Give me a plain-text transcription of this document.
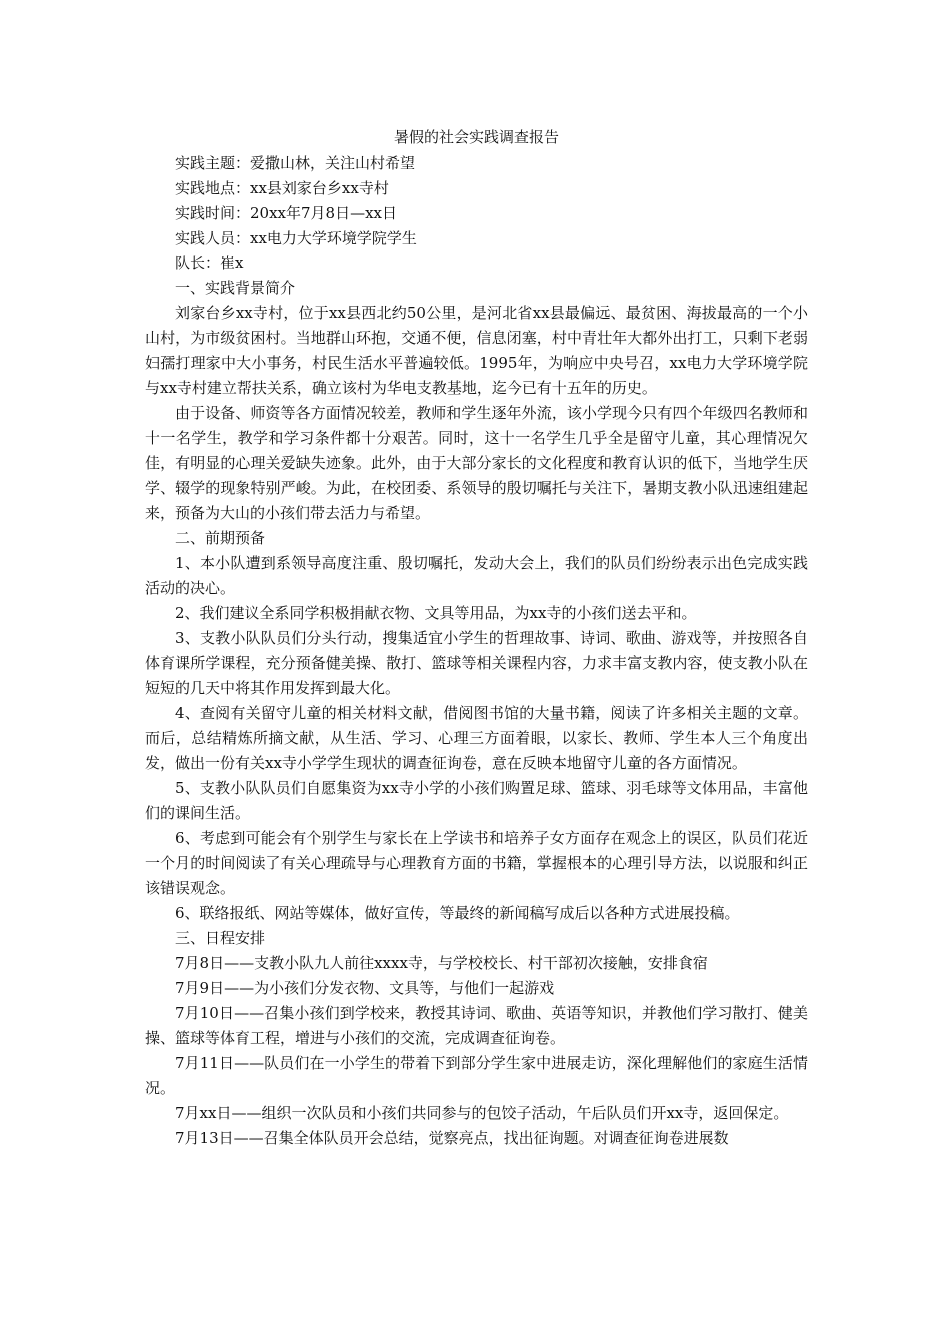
暑假的社会实践调查报告

实践主题：爱撒山林，关注山村希望

实践地点：xx县刘家台乡xx寺村

实践时间：20xx年7月8日—xx日

实践人员：xx电力大学环境学院学生

队长：崔x

一、实践背景简介

刘家台乡xx寺村，位于xx县西北约50公里，是河北省xx县最偏远、最贫困、海拔最高的一个小山村，为市级贫困村。当地群山环抱，交通不便，信息闭塞，村中青壮年大都外出打工，只剩下老弱妇孺打理家中大小事务，村民生活水平普遍较低。1995年，为响应中央号召，xx电力大学环境学院与xx寺村建立帮扶关系，确立该村为华电支教基地，迄今已有十五年的历史。

由于设备、师资等各方面情况较差，教师和学生逐年外流，该小学现今只有四个年级四名教师和十一名学生，教学和学习条件都十分艰苦。同时，这十一名学生几乎全是留守儿童，其心理情况欠佳，有明显的心理关爱缺失迹象。此外，由于大部分家长的文化程度和教育认识的低下，当地学生厌学、辍学的现象特别严峻。为此，在校团委、系领导的殷切嘱托与关注下，暑期支教小队迅速组建起来，预备为大山的小孩们带去活力与希望。

二、前期预备

1、本小队遭到系领导高度注重、殷切嘱托，发动大会上，我们的队员们纷纷表示出色完成实践活动的决心。

2、我们建议全系同学积极捐献衣物、文具等用品，为xx寺的小孩们送去平和。

3、支教小队队员们分头行动，搜集适宜小学生的哲理故事、诗词、歌曲、游戏等，并按照各自体育课所学课程，充分预备健美操、散打、篮球等相关课程内容，力求丰富支教内容，使支教小队在短短的几天中将其作用发挥到最大化。

4、查阅有关留守儿童的相关材料文献，借阅图书馆的大量书籍，阅读了许多相关主题的文章。而后，总结精炼所摘文献，从生活、学习、心理三方面着眼，以家长、教师、学生本人三个角度出发，做出一份有关xx寺小学学生现状的调查征询卷，意在反映本地留守儿童的各方面情况。

5、支教小队队员们自愿集资为xx寺小学的小孩们购置足球、篮球、羽毛球等文体用品，丰富他们的课间生活。

6、考虑到可能会有个别学生与家长在上学读书和培养子女方面存在观念上的误区，队员们花近一个月的时间阅读了有关心理疏导与心理教育方面的书籍，掌握根本的心理引导方法，以说服和纠正该错误观念。

6、联络报纸、网站等媒体，做好宣传，等最终的新闻稿写成后以各种方式进展投稿。

三、日程安排

7月8日——支教小队九人前往xxxx寺，与学校校长、村干部初次接触，安排食宿

7月9日——为小孩们分发衣物、文具等，与他们一起游戏

7月10日——召集小孩们到学校来，教授其诗词、歌曲、英语等知识，并教他们学习散打、健美操、篮球等体育工程，增进与小孩们的交流，完成调查征询卷。

7月11日——队员们在一小学生的带着下到部分学生家中进展走访，深化理解他们的家庭生活情况。

7月xx日——组织一次队员和小孩们共同参与的包饺子活动，午后队员们开xx寺，返回保定。

7月13日——召集全体队员开会总结，觉察亮点，找出征询题。对调查征询卷进展数
